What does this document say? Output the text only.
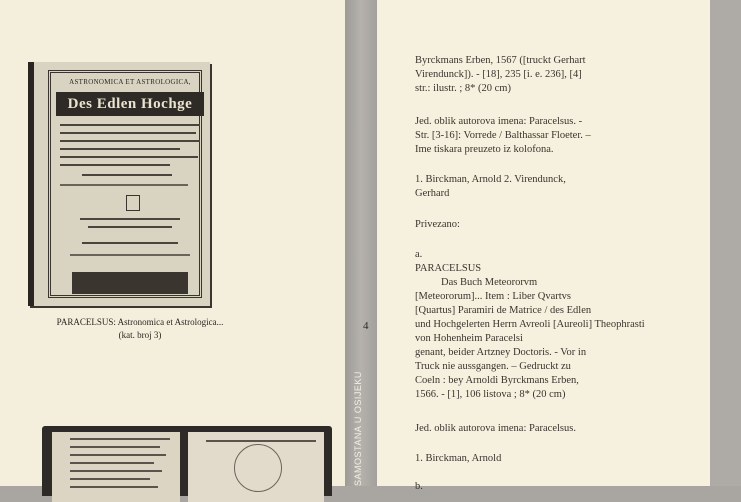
ASTRONOMICA ET ASTROLOGICA,
Des Edlen Hochge
PARACELSUS: Astronomica et Astrologica...
(kat. broj 3)
SAMOSTANA U OSIJEKU
4
Byrckmans Erben, 1567 ([truckt Gerhart
Virendunck]). - [18], 235 [i. e. 236], [4]
str.: ilustr. ; 8* (20 cm)
Jed. oblik autorova imena: Paracelsus. -
Str. [3-16]: Vorrede / Balthassar Floeter. –
Ime tiskara preuzeto iz kolofona.
1. Birckman, Arnold 2. Virendunck,
Gerhard
Privezano:
a.
PARACELSUS
Das Buch Meteororvm
[Meteororum]... Item : Liber Qvartvs
[Quartus] Paramiri de Matrice / des Edlen
und Hochgelerten Herrn Avreoli [Aureoli] Theophrasti
von Hohenheim Paracelsi
genant, beider Artzney Doctoris. - Vor in
Truck nie aussgangen. – Gedruckt zu
Coeln : bey Arnoldi Byrckmans Erben,
1566. - [1], 106 listova ; 8* (20 cm)
Jed. oblik autorova imena: Paracelsus.
1. Birckman, Arnold
b.
